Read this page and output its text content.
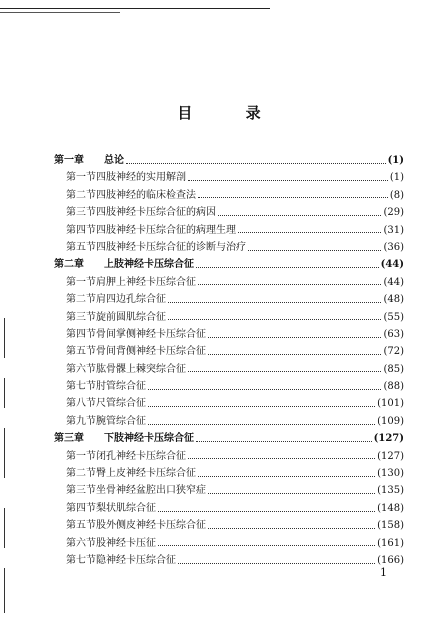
目 录
第一章	总论	(1)
第一节 四肢神经的实用解剖	(1)
第二节 四肢神经的临床检查法	(8)
第三节 四肢神经卡压综合征的病因	(29)
第四节 四肢神经卡压综合征的病理生理	(31)
第五节 四肢神经卡压综合征的诊断与治疗	(36)
第二章	上肢神经卡压综合征	(44)
第一节 肩胛上神经卡压综合征	(44)
第二节 肩四边孔综合征	(48)
第三节 旋前圆肌综合征	(55)
第四节 骨间掌侧神经卡压综合征	(63)
第五节 骨间背侧神经卡压综合征	(72)
第六节 肱骨髁上棘突综合征	(85)
第七节 肘管综合征	(88)
第八节 尺管综合征	(101)
第九节 腕管综合征	(109)
第三章	下肢神经卡压综合征	(127)
第一节 闭孔神经卡压综合征	(127)
第二节 臀上皮神经卡压综合征	(130)
第三节 坐骨神经盆腔出口狭窄症	(135)
第四节 梨状肌综合征	(148)
第五节 股外侧皮神经卡压综合征	(158)
第六节 股神经卡压征	(161)
第七节 隐神经卡压综合征	(166)
1
